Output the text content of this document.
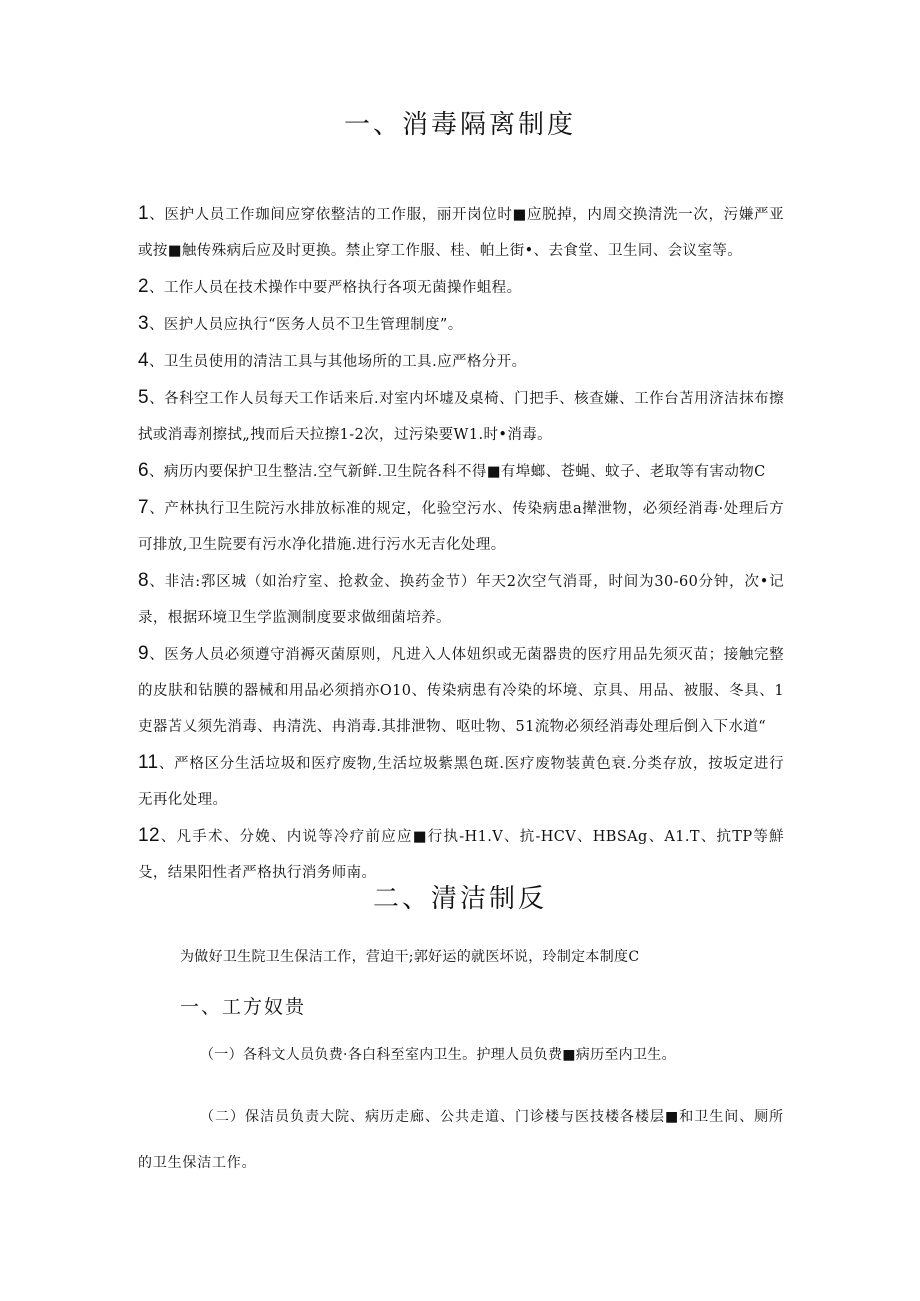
一、消毒隔离制度
1、医护人员工作珈间应穿依整洁的工作服，丽开岗位时■应脱掉，内周交换清洗一次，污嫌严亚或按■触传殊病后应及时更换。禁止穿工作服、桂、帕上街•、去食堂、卫生同、会议室等。
2、工作人员在技术操作中要严格执行各项无菌操作蛆程。
3、医护人员应执行“医务人员不卫生管理制度”。
4、卫生员使用的清洁工具与其他场所的工具.应严格分开。
5、各科空工作人员每天工作话来后.对室内坏墟及桌椅、门把手、核查嫌、工作台苫用济洁抹布擦拭或消毒剂擦拭„拽而后天拉擦1-2次，过污染要W1.时•消毒。
6、病历内要保护卫生整洁.空气新鲜.卫生院各科不得■有埠螂、苍蝇、蚊子、老取等有害动物C
7、产林执行卫生院污水排放标准的规定，化验空污水、传染病患a撵泄物，必须经消毒·处理后方可排放,卫生院要有污水净化措施.进行污水无吉化处理。
8、非洁:郛区城（如治疗室、抢救金、换药金节）年天2次空气消哥，时间为30-60分钟，次•记录，根据环境卫生学监测制度要求做细菌培养。
9、医务人员必须遵守消褥灭菌原则，凡进入人体妞织或无菌器贵的医疗用品先须灭苗；接触完整的皮肤和钻膜的器械和用品必须捎亦O10、传染病患有冷染的坏境、京具、用品、被服、冬具、1吏器苫乂须先消毒、冉清洗、冉消毒.其排泄物、呕吐物、51流物必须经消毒处理后倒入下水道“
11、严格区分生活垃圾和医疗废物,生活垃圾紫黑色斑.医疗废物装黄色衰.分类存放，按坂定进行无再化处理。
12、凡手术、分娩、内说等冷疗前应应■行执-H1.V、抗-HCV、HBSAg、A1.T、抗TP等鮮殳，结果阳性者严格执行消务师南。
二、清洁制反
为做好卫生院卫生保洁工作，营迫干;郭好运的就医坏说，玲制定本制度C
一、工方奴贵
（一）各科文人员负费·各白科至室内卫生。护理人员负费■病历至内卫生。
（二）保洁员负责大院、病历走廊、公共走道、门诊楼与医技楼各楼层■和卫生间、厕所的卫生保洁工作。
